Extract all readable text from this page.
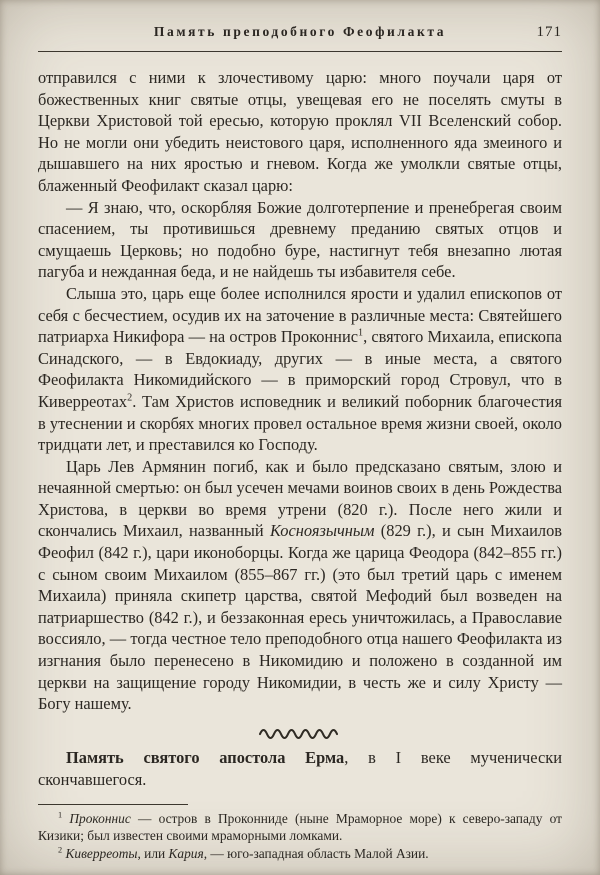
Память преподобного Феофилакта	171

отправился с ними к злочестивому царю: много поучали царя от божественных книг святые отцы, увещевая его не поселять смуты в Церкви Христовой той ересью, которую проклял VII Вселенский собор. Но не могли они убедить неистового царя, исполненного яда змеиного и дышавшего на них яростью и гневом. Когда же умолкли святые отцы, блаженный Феофилакт сказал царю:

— Я знаю, что, оскорбляя Божие долготерпение и пренебрегая своим спасением, ты противишься древнему преданию святых отцов и смущаешь Церковь; но подобно буре, настигнут тебя внезапно лютая пагуба и нежданная беда, и не найдешь ты избавителя себе.

Слыша это, царь еще более исполнился ярости и удалил епископов от себя с бесчестием, осудив их на заточение в различные места: Святейшего патриарха Никифора — на остров Проконнис$^1$, святого Михаила, епископа Синадского, — в Евдокиаду, других — в иные места, а святого Феофилакта Никомидийского — в приморский город Стровул, что в Киверреотах$^2$. Там Христов исповедник и великий поборник благочестия в утеснении и скорбях многих провел остальное время жизни своей, около тридцати лет, и преставился ко Господу.

Царь Лев Армянин погиб, как и было предсказано святым, злою и нечаянной смертью: он был усечен мечами воинов своих в день Рождества Христова, в церкви во время утрени (820 г.). После него жили и скончались Михаил, названный Косноязычным (829 г.), и сын Михаилов Феофил (842 г.), цари иконоборцы. Когда же царица Феодора (842–855 гг.) с сыном своим Михаилом (855–867 гг.) (это был третий царь с именем Михаила) приняла скипетр царства, святой Мефодий был возведен на патриаршество (842 г.), и беззаконная ересь уничтожилась, а Православие воссияло, — тогда честное тело преподобного отца нашего Феофилакта из изгнания было перенесено в Никомидию и положено в созданной им церкви на защищение городу Никомидии, в честь же и силу Христу — Богу нашему.

Память святого апостола Ерма, в I веке мученически скончавшегося.

$^1$ Проконнис — остров в Проконниде (ныне Мраморное море) к северо-западу от Кизики; был известен своими мраморными ломками.

$^2$ Киверреоты, или Кария, — юго-западная область Малой Азии.
